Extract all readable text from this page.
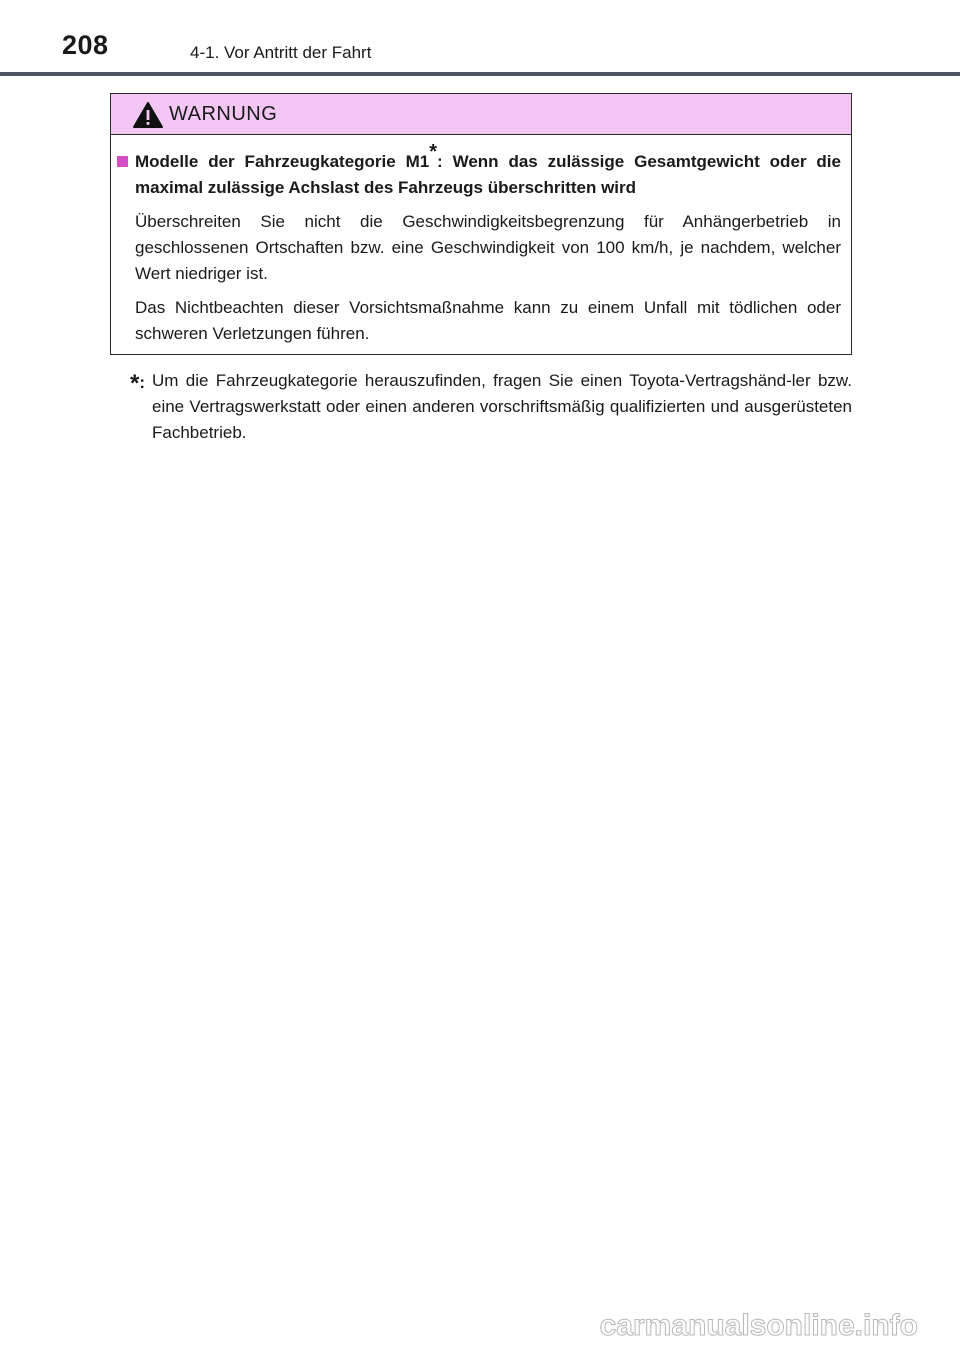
208	4-1. Vor Antritt der Fahrt
WARNUNG
Modelle der Fahrzeugkategorie M1*: Wenn das zulässige Gesamtgewicht oder die maximal zulässige Achslast des Fahrzeugs überschritten wird
Überschreiten Sie nicht die Geschwindigkeitsbegrenzung für Anhängerbetrieb in geschlossenen Ortschaften bzw. eine Geschwindigkeit von 100 km/h, je nachdem, welcher Wert niedriger ist.
Das Nichtbeachten dieser Vorsichtsmaßnahme kann zu einem Unfall mit tödlichen oder schweren Verletzungen führen.
*: Um die Fahrzeugkategorie herauszufinden, fragen Sie einen Toyota-Vertragshänd-ler bzw. eine Vertragswerkstatt oder einen anderen vorschriftsmäßig qualifizierten und ausgerüsteten Fachbetrieb.
carmanualsonline.info
